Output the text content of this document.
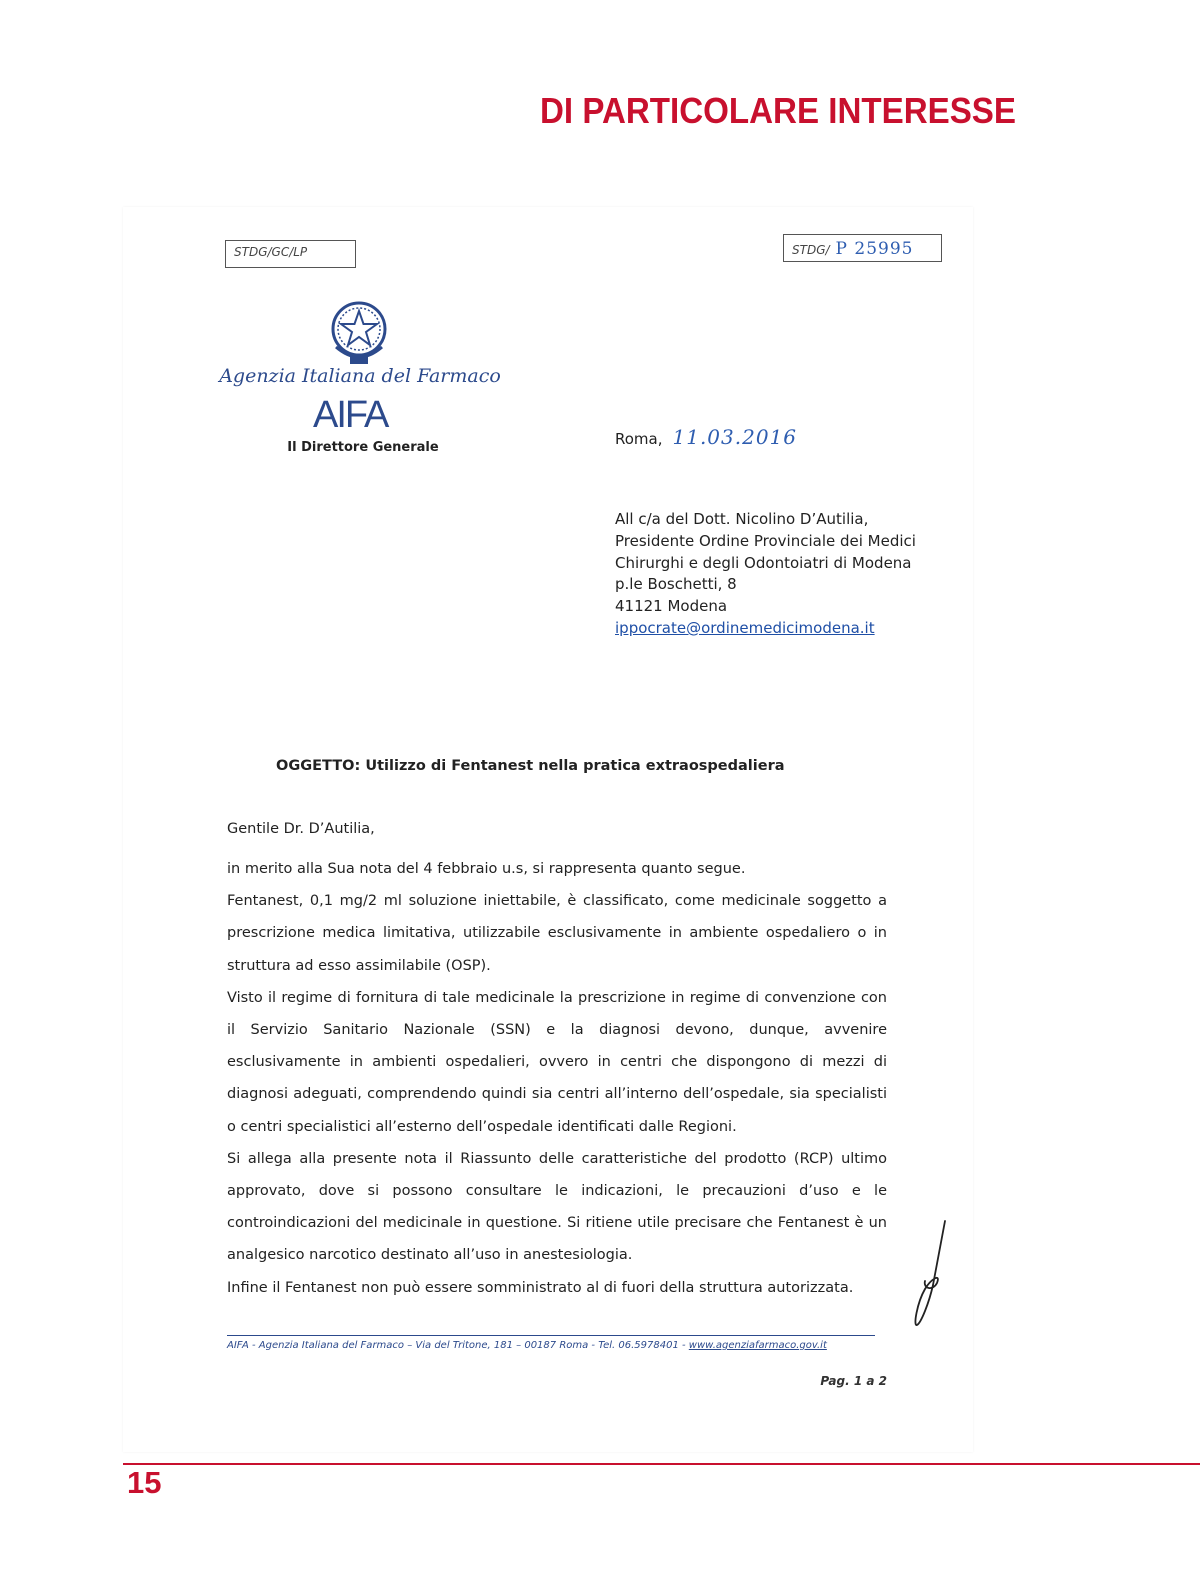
DI PARTICOLARE INTERESSE
STDG/GC/LP	STDG/ P 25995
Agenzia Italiana del Farmaco
AIFA
Il Direttore Generale	Roma, 11.03.2016
All c/a del Dott. Nicolino D’Autilia,
Presidente Ordine Provinciale dei Medici
Chirurghi e degli Odontoiatri di Modena
p.le Boschetti, 8
41121 Modena
ippocrate@ordinemedicimodena.it
OGGETTO: Utilizzo di Fentanest nella pratica extraospedaliera
Gentile Dr. D’Autilia,

in merito alla Sua nota del 4 febbraio u.s, si rappresenta quanto segue.

Fentanest, 0,1 mg/2 ml soluzione iniettabile, è classificato, come medicinale soggetto a prescrizione medica limitativa, utilizzabile esclusivamente in ambiente ospedaliero o in struttura ad esso assimilabile (OSP).

Visto il regime di fornitura di tale medicinale la prescrizione in regime di convenzione con il Servizio Sanitario Nazionale (SSN) e la diagnosi devono, dunque, avvenire esclusivamente in ambienti ospedalieri, ovvero in centri che dispongono di mezzi di diagnosi adeguati, comprendendo quindi sia centri all’interno dell’ospedale, sia specialisti o centri specialistici all’esterno dell’ospedale identificati dalle Regioni.

Si allega alla presente nota il Riassunto delle caratteristiche del prodotto (RCP) ultimo approvato, dove si possono consultare le indicazioni, le precauzioni d’uso e le controindicazioni del medicinale in questione. Si ritiene utile precisare che Fentanest è un analgesico narcotico destinato all’uso in anestesiologia.

Infine il Fentanest non può essere somministrato al di fuori della struttura autorizzata.

AIFA - Agenzia Italiana del Farmaco – Via del Tritone, 181 – 00187 Roma - Tel. 06.5978401 - www.agenziafarmaco.gov.it
Pag. 1 a 2
15
